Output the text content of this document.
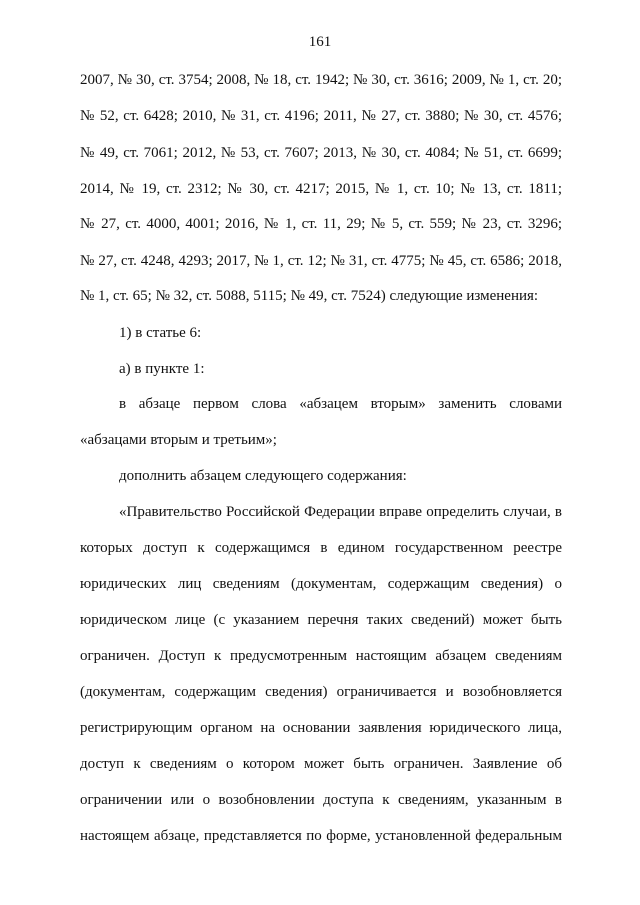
161
2007, № 30, ст. 3754; 2008, № 18, ст. 1942; № 30, ст. 3616; 2009, № 1, ст. 20;
№ 52, ст. 6428; 2010, № 31, ст. 4196; 2011, № 27, ст. 3880; № 30, ст. 4576;
№ 49, ст. 7061; 2012, № 53, ст. 7607; 2013, № 30, ст. 4084; № 51, ст. 6699;
2014, № 19, ст. 2312; № 30, ст. 4217; 2015, № 1, ст. 10; № 13, ст. 1811;
№ 27, ст. 4000, 4001; 2016, № 1, ст. 11, 29; № 5, ст. 559; № 23, ст. 3296;
№ 27, ст. 4248, 4293; 2017, № 1, ст. 12; № 31, ст. 4775; № 45, ст. 6586; 2018,
№ 1, ст. 65; № 32, ст. 5088, 5115; № 49, ст. 7524) следующие изменения:
1) в статье 6:
а) в пункте 1:
в абзаце первом слова «абзацем вторым» заменить словами
«абзацами вторым и третьим»;
дополнить абзацем следующего содержания:
«Правительство Российской Федерации вправе определить случаи, в
которых доступ к содержащимся в едином государственном реестре
юридических лиц сведениям (документам, содержащим сведения) о
юридическом лице (с указанием перечня таких сведений) может быть
ограничен. Доступ к предусмотренным настоящим абзацем сведениям
(документам, содержащим сведения) ограничивается и возобновляется
регистрирующим органом на основании заявления юридического лица,
доступ к сведениям о котором может быть ограничен. Заявление об
ограничении или о возобновлении доступа к сведениям, указанным в
настоящем абзаце, представляется по форме, установленной федеральным
